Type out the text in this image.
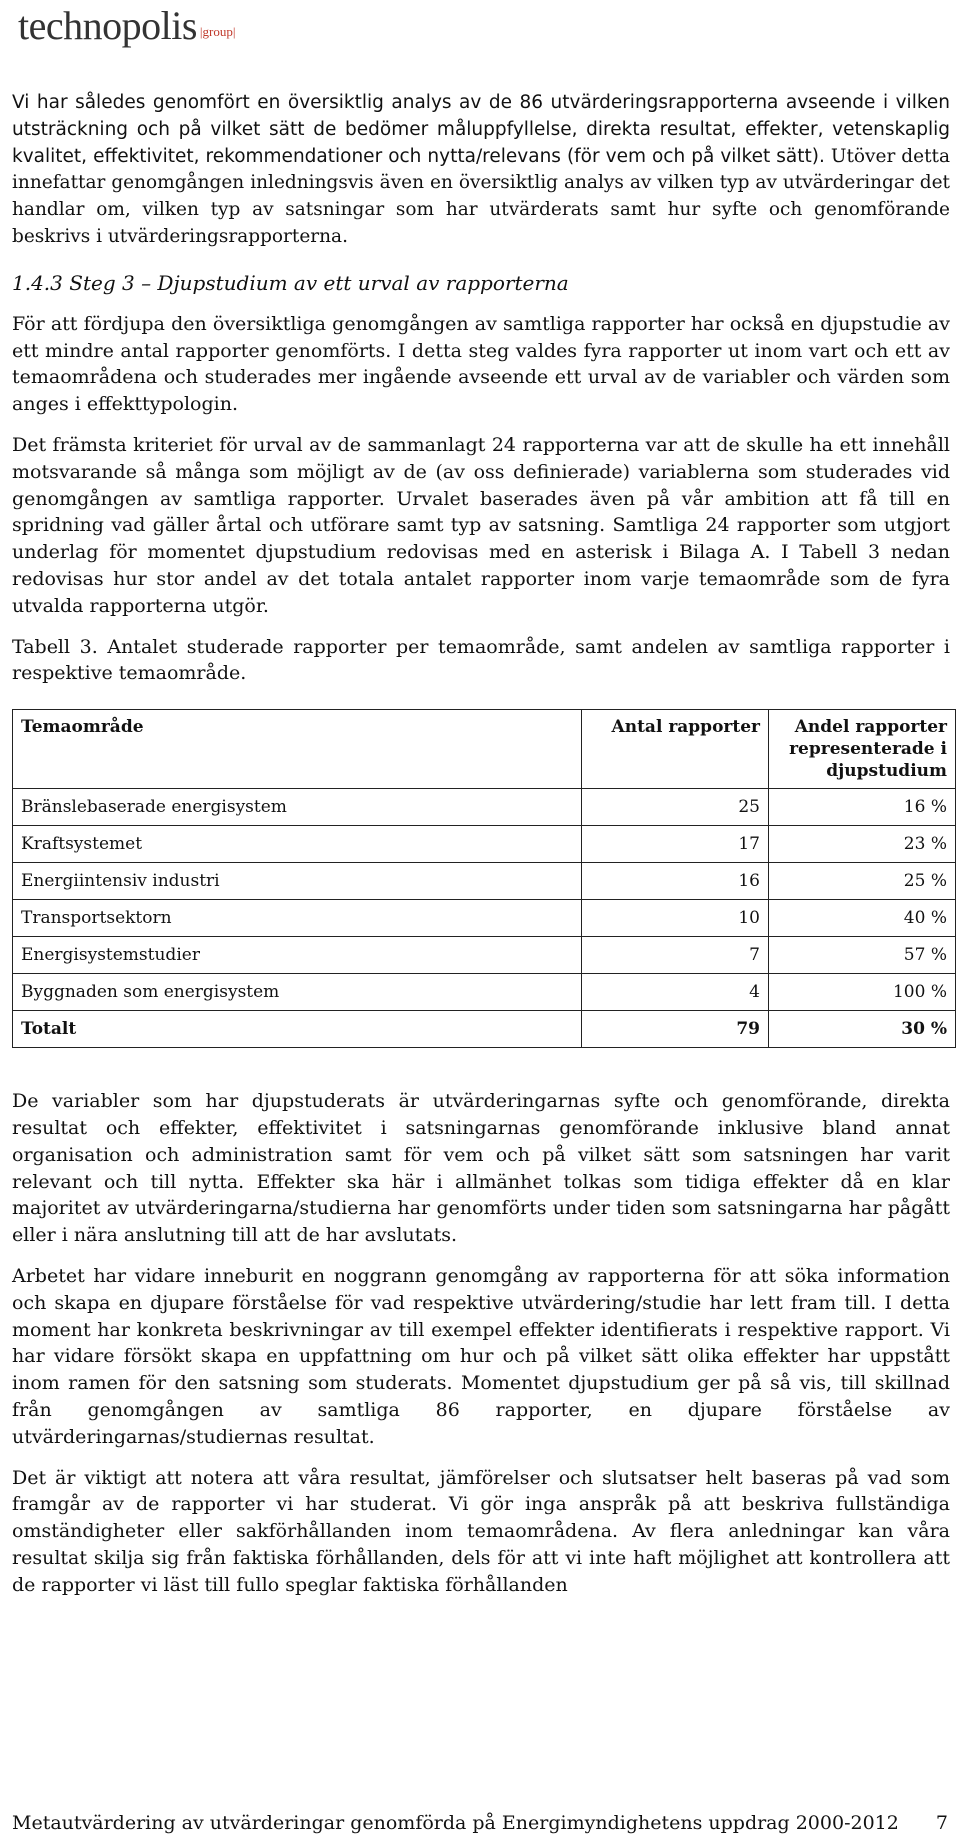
technopolis |group|

Vi har således genomfört en översiktlig analys av de 86 utvärderingsrapporterna avseende i vilken utsträckning och på vilket sätt de bedömer måluppfyllelse, direkta resultat, effekter, vetenskaplig kvalitet, effektivitet, rekommendationer och nytta/relevans (för vem och på vilket sätt). Utöver detta innefattar genomgången inledningsvis även en översiktlig analys av vilken typ av utvärderingar det handlar om, vilken typ av satsningar som har utvärderats samt hur syfte och genomförande beskrivs i utvärderingsrapporterna.

1.4.3 Steg 3 – Djupstudium av ett urval av rapporterna

För att fördjupa den översiktliga genomgången av samtliga rapporter har också en djupstudie av ett mindre antal rapporter genomförts. I detta steg valdes fyra rapporter ut inom vart och ett av temaområdena och studerades mer ingående avseende ett urval av de variabler och värden som anges i effekttypologin.

Det främsta kriteriet för urval av de sammanlagt 24 rapporterna var att de skulle ha ett innehåll motsvarande så många som möjligt av de (av oss definierade) variablerna som studerades vid genomgången av samtliga rapporter. Urvalet baserades även på vår ambition att få till en spridning vad gäller årtal och utförare samt typ av satsning. Samtliga 24 rapporter som utgjort underlag för momentet djupstudium redovisas med en asterisk i Bilaga A. I Tabell 3 nedan redovisas hur stor andel av det totala antalet rapporter inom varje temaområde som de fyra utvalda rapporterna utgör.

Tabell 3. Antalet studerade rapporter per temaområde, samt andelen av samtliga rapporter i respektive temaområde.

Temaområde	Antal rapporter	Andel rapporter representerade i djupstudium
Bränslebaserade energisystem	25	16 %
Kraftsystemet	17	23 %
Energiintensiv industri	16	25 %
Transportsektorn	10	40 %
Energisystemstudier	7	57 %
Byggnaden som energisystem	4	100 %
Totalt	79	30 %

De variabler som har djupstuderats är utvärderingarnas syfte och genomförande, direkta resultat och effekter, effektivitet i satsningarnas genomförande inklusive bland annat organisation och administration samt för vem och på vilket sätt som satsningen har varit relevant och till nytta. Effekter ska här i allmänhet tolkas som tidiga effekter då en klar majoritet av utvärderingarna/studierna har genomförts under tiden som satsningarna har pågått eller i nära anslutning till att de har avslutats.

Arbetet har vidare inneburit en noggrann genomgång av rapporterna för att söka information och skapa en djupare förståelse för vad respektive utvärdering/studie har lett fram till. I detta moment har konkreta beskrivningar av till exempel effekter identifierats i respektive rapport. Vi har vidare försökt skapa en uppfattning om hur och på vilket sätt olika effekter har uppstått inom ramen för den satsning som studerats. Momentet djupstudium ger på så vis, till skillnad från genomgången av samtliga 86 rapporter, en djupare förståelse av utvärderingarnas/studiernas resultat.

Det är viktigt att notera att våra resultat, jämförelser och slutsatser helt baseras på vad som framgår av de rapporter vi har studerat. Vi gör inga anspråk på att beskriva fullständiga omständigheter eller sakförhållanden inom temaområdena. Av flera anledningar kan våra resultat skilja sig från faktiska förhållanden, dels för att vi inte haft möjlighet att kontrollera att de rapporter vi läst till fullo speglar faktiska förhållanden

Metautvärdering av utvärderingar genomförda på Energimyndighetens uppdrag 2000-2012 7
